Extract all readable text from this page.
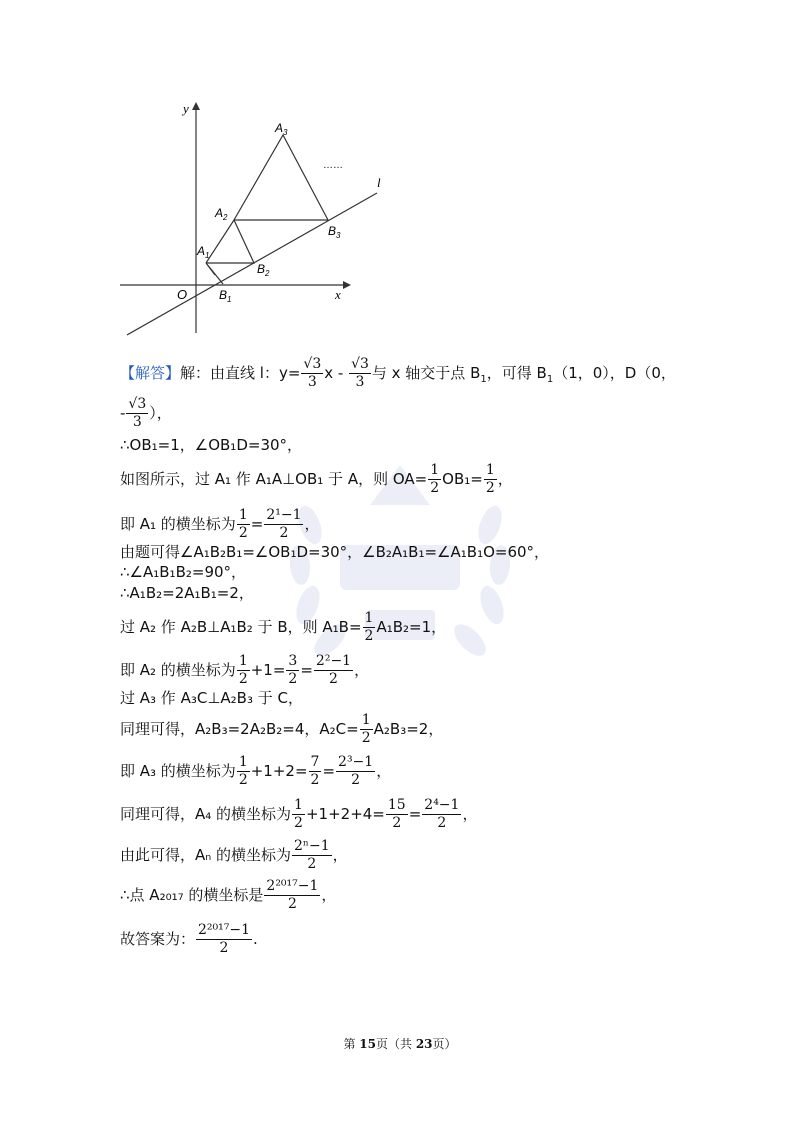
y
x
l
O
……
$A_1$
$A_2$
$A_3$
$B_1$
$B_2$
$B_3$
【解答】解：由直线 l：$y= \frac{√3}{3}$ x - $\frac{√3}{3}$ 与 x 轴交于点 $B_1$，可得 $B_1(1$，0），D（0，
- $\frac{√3}{3}$ ），
∴OB₁=1，∠OB₁D=30°，
如图所示，过 A₁ 作 A₁A⊥OB₁ 于 A，则 $OA= \frac{1}{2} OB_1= \frac{1}{2}$ ，
即 A₁ 的横坐标为 $\frac{1}{2} = \frac{\text{2¹−1}}{2}$ ，
由题可得∠A₁B₂B₁=∠OB₁D=30°，∠B₂A₁B₁=∠A₁B₁O=60°，
∴∠A₁B₁B₂=90°，
∴A₁B₂=2A₁B₁=2，
过 A₂ 作 A₂B⊥A₁B₂ 于 B，则 $A_1B= \frac{1}{2} A_1B_2=1$，
即 A₂ 的横坐标为 $\frac{1}{2} +1= \frac{3}{2} = \frac{\text{2²−1}}{2}$ ，
过 A₃ 作 A₃C⊥A₂B₃ 于 C，
同理可得，A₂B₃=2A₂B₂=4，$A_2C= \frac{1}{2} A_2B_3=2$，
即 A₃ 的横坐标为 $\frac{1}{2} +1+2= \frac{7}{2} = \frac{\text{2³−1}}{2}$ ，
同理可得，A₄ 的横坐标为 $\frac{1}{2} +1+2+4= \frac{15}{2} = \frac{\text{2⁴−1}}{2}$ ，
由此可得，Aₙ 的横坐标为 $\frac{\text{2ⁿ−1}}{2}$ ，
∴点 A₂₀₁₇ 的横坐标是 $\frac{\text{2²⁰¹⁷−1}}{2}$ ，
故答案为： $\frac{\text{2²⁰¹⁷−1}}{2}$ .
第 15页（共 23页）
